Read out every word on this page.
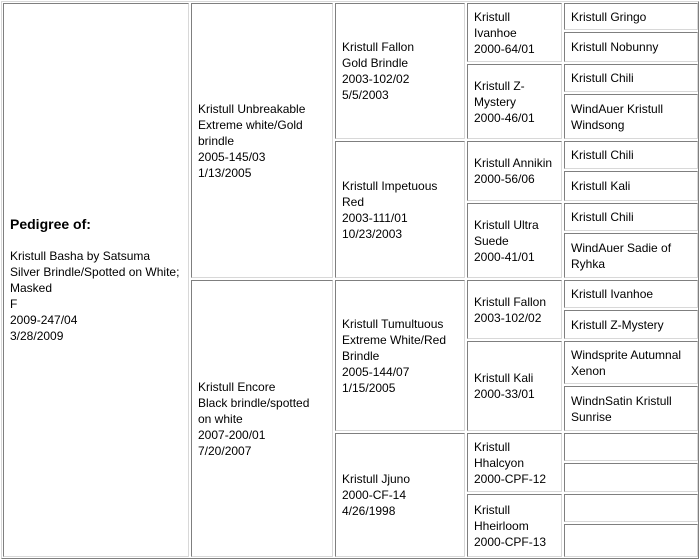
Pedigree of:
Kristull Basha by Satsuma
Silver Brindle/Spotted on White; Masked
F
2009-247/04
3/28/2009
Kristull Unbreakable
Extreme white/Gold brindle
2005-145/03
1/13/2005
Kristull Encore
Black brindle/spotted on white
2007-200/01
7/20/2007
Kristull Fallon
Gold Brindle
2003-102/02
5/5/2003
Kristull Impetuous
Red
2003-111/01
10/23/2003
Kristull Tumultuous
Extreme White/Red Brindle
2005-144/07
1/15/2005
Kristull Jjuno
2000-CF-14
4/26/1998
Kristull Ivanhoe
2000-64/01
Kristull Z-Mystery
2000-46/01
Kristull Annikin
2000-56/06
Kristull Ultra Suede
2000-41/01
Kristull Fallon
2003-102/02
Kristull Kali
2000-33/01
Kristull Hhalcyon
2000-CPF-12
Kristull Hheirloom
2000-CPF-13
Kristull Gringo
Kristull Nobunny
Kristull Chili
WindAuer Kristull Windsong
Kristull Chili
Kristull Kali
Kristull Chili
WindAuer Sadie of Ryhka
Kristull Ivanhoe
Kristull Z-Mystery
Windsprite Autumnal Xenon
WindnSatin Kristull Sunrise
